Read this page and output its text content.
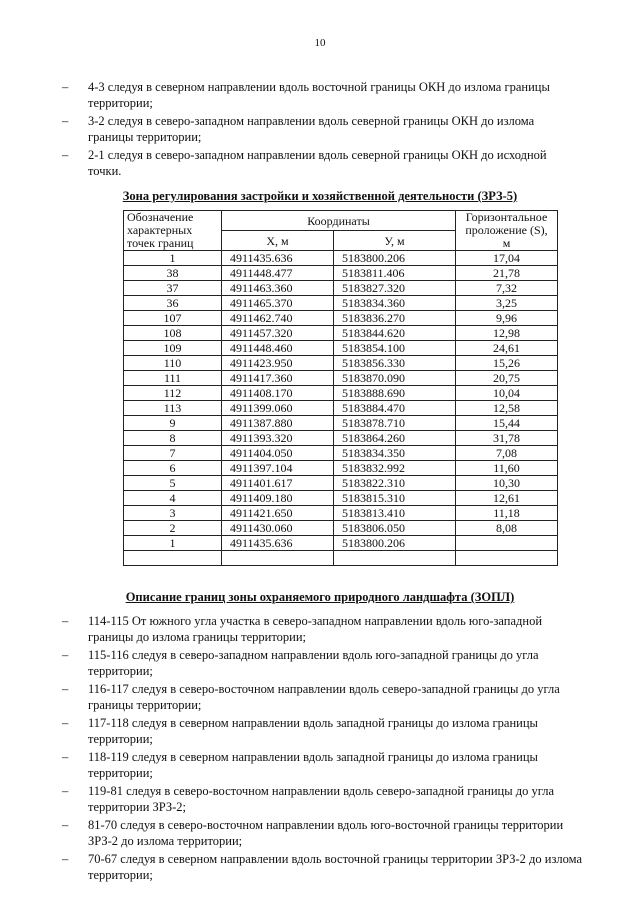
10
– 4-3 следуя в северном направлении вдоль восточной границы ОКН до излома границы территории;
– 3-2 следуя в северо-западном направлении вдоль северной границы ОКН до излома границы территории;
– 2-1 следуя в северо-западном направлении вдоль северной границы ОКН до исходной точки.
Зона регулирования застройки и хозяйственной деятельности (ЗРЗ-5)
Обозначение
характерных
точек границ	Координаты		Горизонтальное
проложение (S),
м
	X, м	У, м	
1	4911435.636	5183800.206	17,04
38	4911448.477	5183811.406	21,78
37	4911463.360	5183827.320	7,32
36	4911465.370	5183834.360	3,25
107	4911462.740	5183836.270	9,96
108	4911457.320	5183844.620	12,98
109	4911448.460	5183854.100	24,61
110	4911423.950	5183856.330	15,26
111	4911417.360	5183870.090	20,75
112	4911408.170	5183888.690	10,04
113	4911399.060	5183884.470	12,58
9	4911387.880	5183878.710	15,44
8	4911393.320	5183864.260	31,78
7	4911404.050	5183834.350	7,08
6	4911397.104	5183832.992	11,60
5	4911401.617	5183822.310	10,30
4	4911409.180	5183815.310	12,61
3	4911421.650	5183813.410	11,18
2	4911430.060	5183806.050	8,08
1	4911435.636	5183800.206	

Описание границ зоны охраняемого природного ландшафта (ЗОПЛ)
– 114-115 От южного угла участка в северо-западном направлении вдоль юго-западной границы до излома границы территории;
– 115-116 следуя в северо-западном направлении вдоль юго-западной границы до угла территории;
– 116-117 следуя в северо-восточном направлении вдоль северо-западной границы до угла границы территории;
– 117-118 следуя в северном направлении вдоль западной границы до излома границы территории;
– 118-119 следуя в северном направлении вдоль западной границы до излома границы территории;
– 119-81 следуя в северо-восточном направлении вдоль северо-западной границы до угла территории ЗРЗ-2;
– 81-70 следуя в северо-восточном направлении вдоль юго-восточной границы территории ЗРЗ-2 до излома территории;
– 70-67 следуя в северном направлении вдоль восточной границы территории ЗРЗ-2 до излома территории;
